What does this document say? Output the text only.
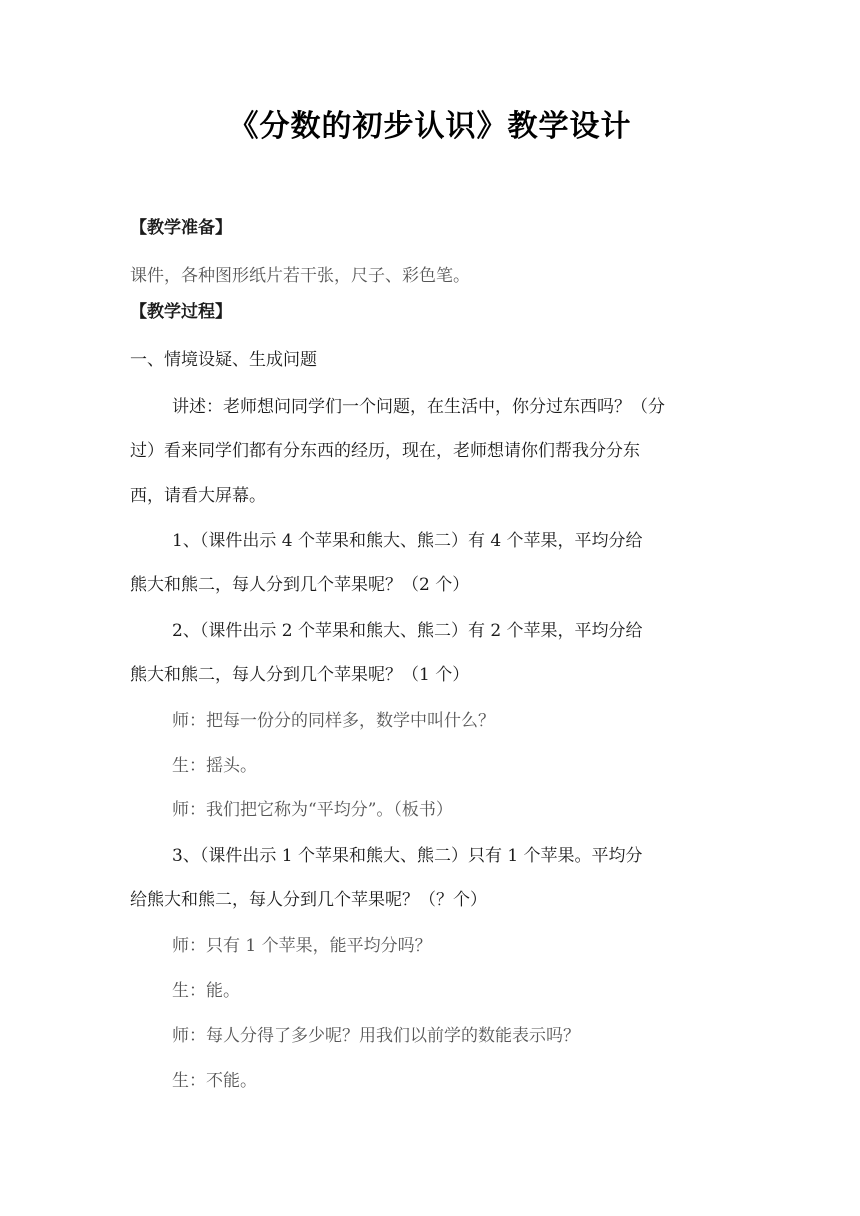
《分数的初步认识》教学设计
【教学准备】
课件，各种图形纸片若干张，尺子、彩色笔。
【教学过程】
一、情境设疑、生成问题
讲述：老师想问同学们一个问题，在生活中，你分过东西吗？（分
过）看来同学们都有分东西的经历，现在，老师想请你们帮我分分东
西，请看大屏幕。
1、（课件出示 4 个苹果和熊大、熊二）有 4 个苹果，平均分给
熊大和熊二，每人分到几个苹果呢？（2 个）
2、（课件出示 2 个苹果和熊大、熊二）有 2 个苹果，平均分给
熊大和熊二，每人分到几个苹果呢？（1 个）
师：把每一份分的同样多，数学中叫什么？
生：摇头。
师：我们把它称为“平均分”。（板书）
3、（课件出示 1 个苹果和熊大、熊二）只有 1 个苹果。平均分
给熊大和熊二，每人分到几个苹果呢？（？个）
师：只有 1 个苹果，能平均分吗？
生：能。
师：每人分得了多少呢？用我们以前学的数能表示吗？
生：不能。
